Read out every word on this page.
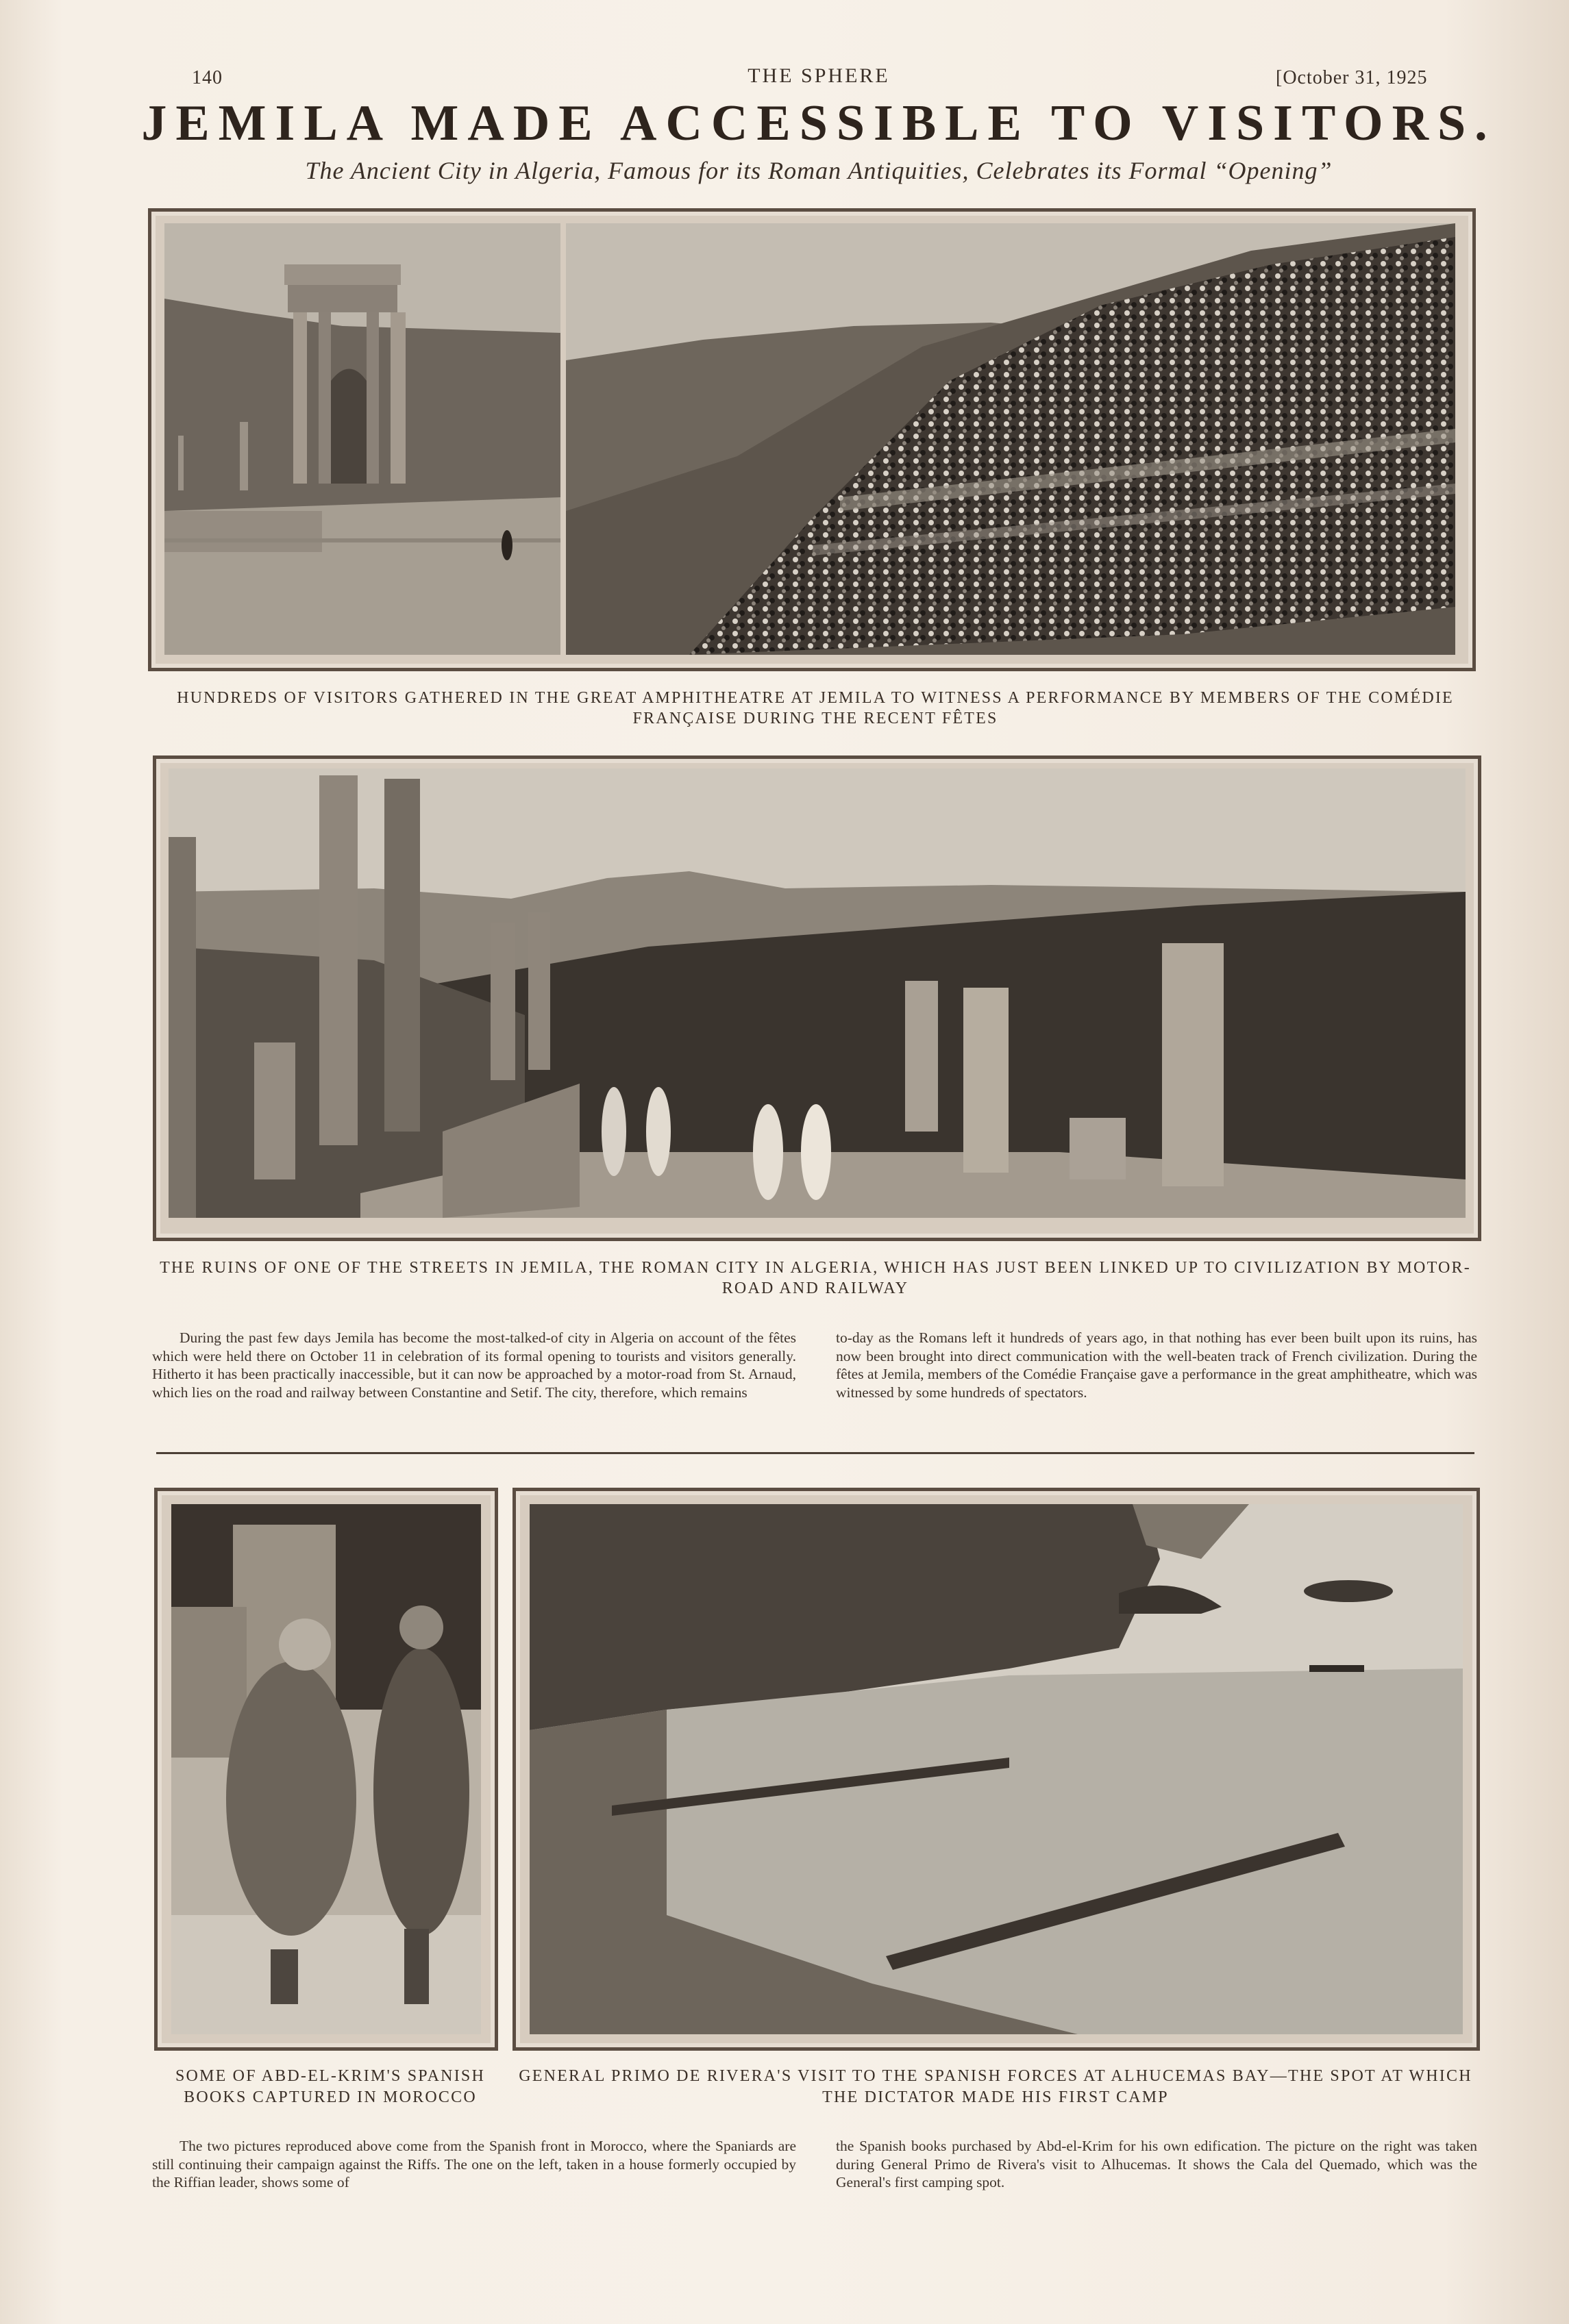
140	THE SPHERE	[October 31, 1925
JEMILA MADE ACCESSIBLE TO VISITORS.
The Ancient City in Algeria, Famous for its Roman Antiquities, Celebrates its Formal “Opening”
HUNDREDS OF VISITORS GATHERED IN THE GREAT AMPHITHEATRE AT JEMILA TO WITNESS A PERFORMANCE BY MEMBERS OF THE COMÉDIE FRANÇAISE DURING THE RECENT FÊTES
THE RUINS OF ONE OF THE STREETS IN JEMILA, THE ROMAN CITY IN ALGERIA, WHICH HAS JUST BEEN LINKED UP TO CIVILIZATION BY MOTOR-ROAD AND RAILWAY
During the past few days Jemila has become the most-talked-of city in Algeria on account of the fêtes which were held there on October 11 in celebration of its formal opening to tourists and visitors generally. Hitherto it has been practically inaccessible, but it can now be approached by a motor-road from St. Arnaud, which lies on the road and railway between Constantine and Setif. The city, therefore, which remains
to-day as the Romans left it hundreds of years ago, in that nothing has ever been built upon its ruins, has now been brought into direct communication with the well-beaten track of French civilization. During the fêtes at Jemila, members of the Comédie Française gave a performance in the great amphitheatre, which was witnessed by some hundreds of spectators.
SOME OF ABD-EL-KRIM'S SPANISH BOOKS CAPTURED IN MOROCCO
GENERAL PRIMO DE RIVERA'S VISIT TO THE SPANISH FORCES AT ALHUCEMAS BAY—THE SPOT AT WHICH THE DICTATOR MADE HIS FIRST CAMP
The two pictures reproduced above come from the Spanish front in Morocco, where the Spaniards are still continuing their campaign against the Riffs. The one on the left, taken in a house formerly occupied by the Riffian leader, shows some of
the Spanish books purchased by Abd-el-Krim for his own edification. The picture on the right was taken during General Primo de Rivera's visit to Alhucemas. It shows the Cala del Quemado, which was the General's first camping spot.
